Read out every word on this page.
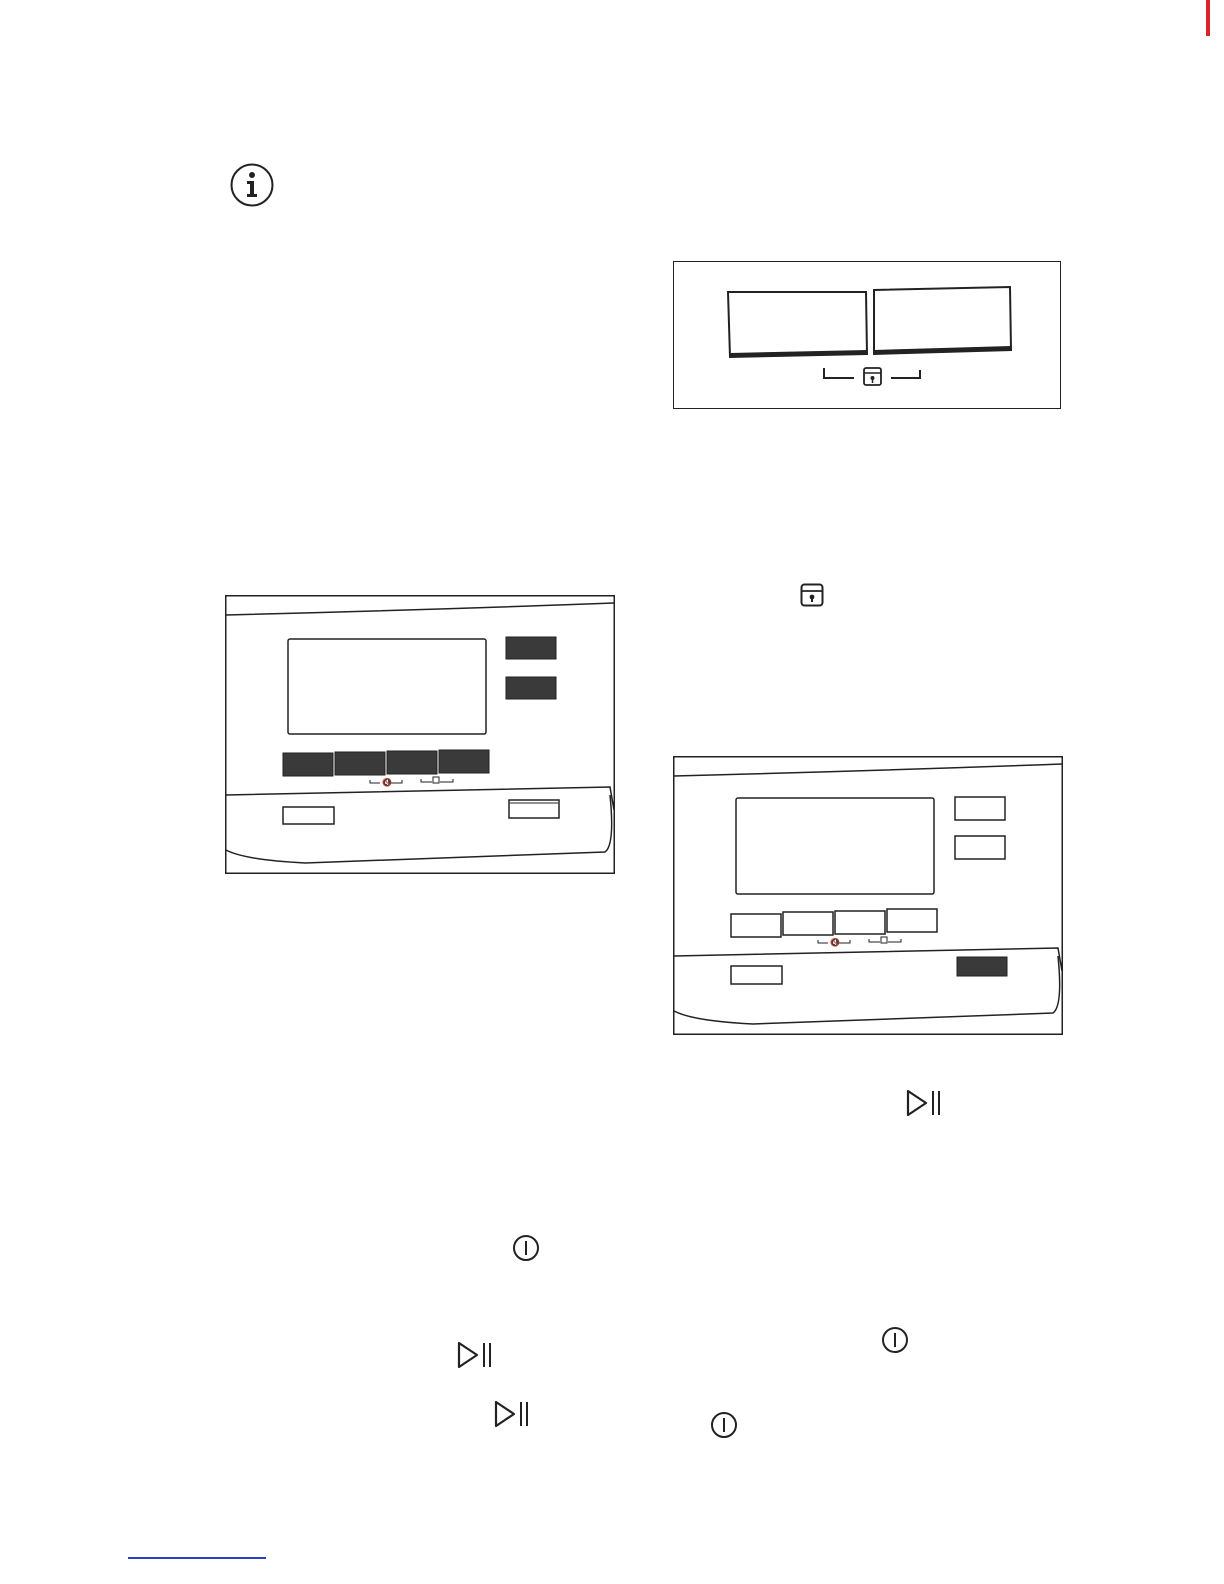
🔇
🔇
